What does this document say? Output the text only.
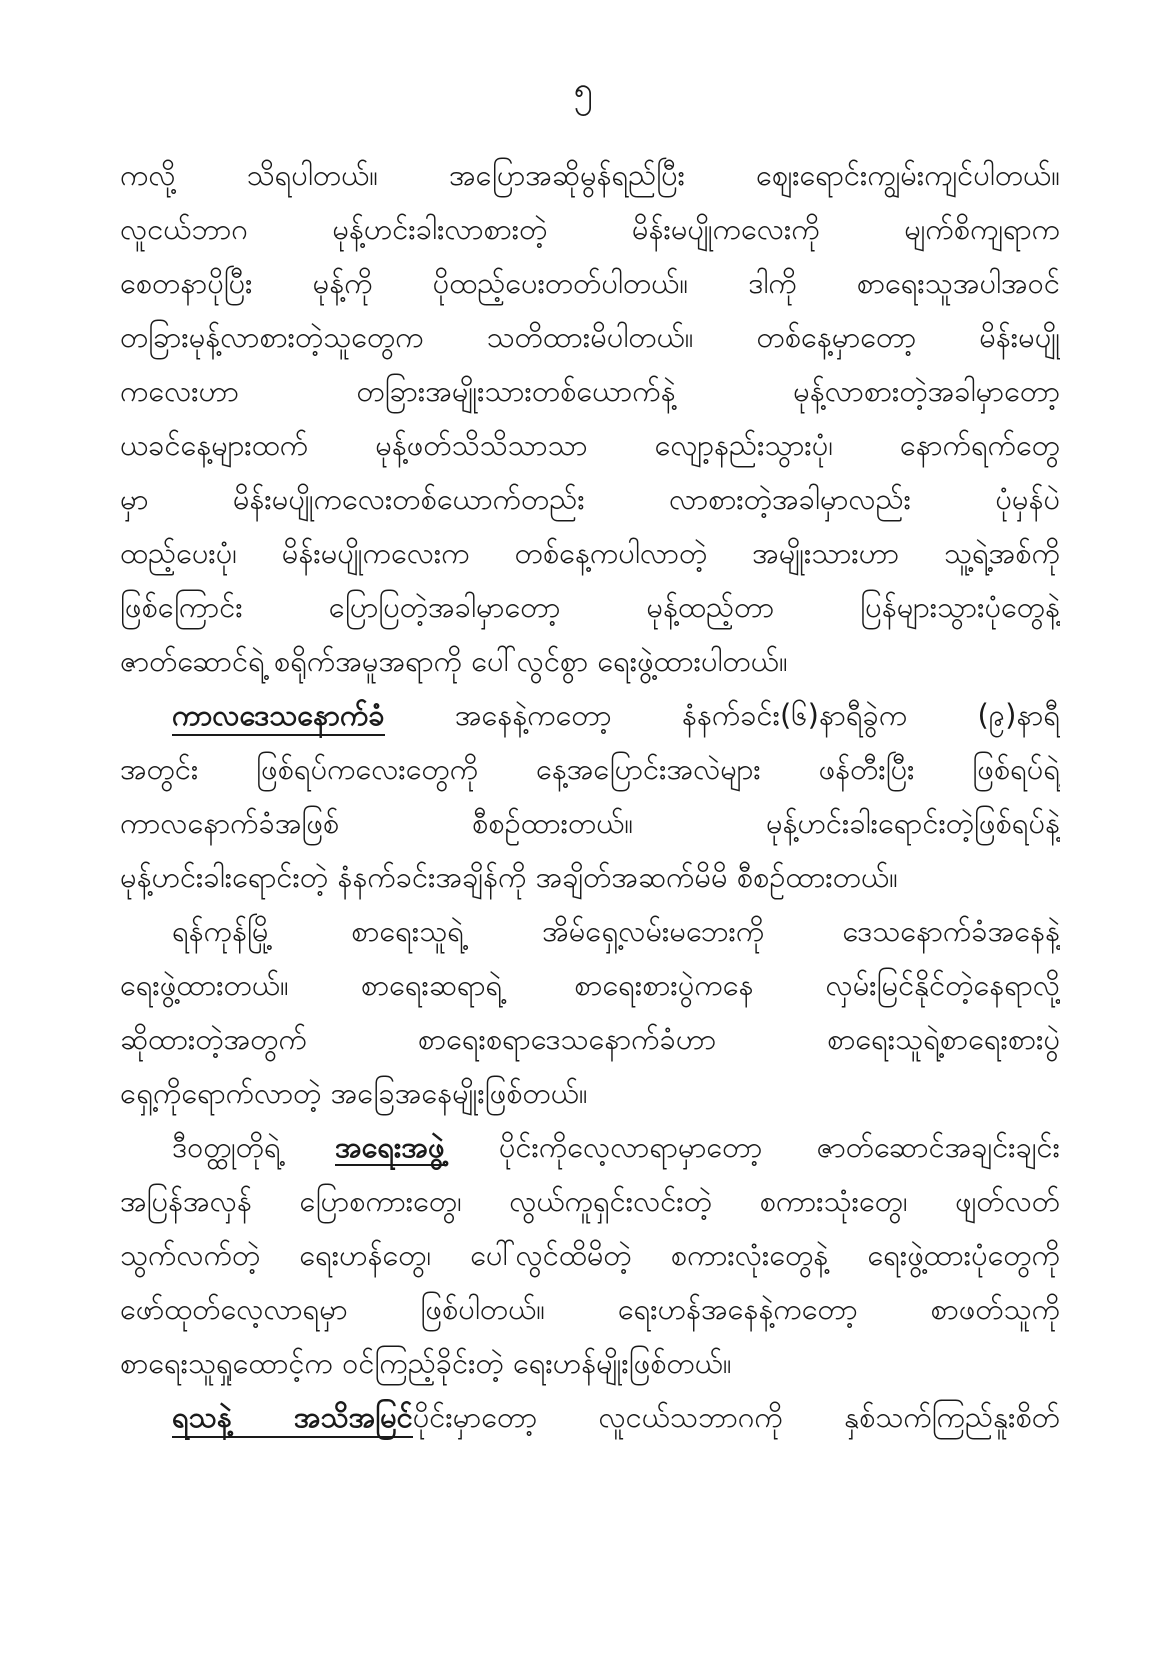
၅
ကလို့ သိရပါတယ်။ အပြောအဆိုမွန်ရည်ပြီး ဈေးရောင်းကျွမ်းကျင်ပါတယ်။
လူငယ်ဘာဂ မုန့်ဟင်းခါးလာစားတဲ့ မိန်းမပျိုကလေးကို မျက်စိကျရာက
စေတနာပိုပြီး မုန့်ကို ပိုထည့်ပေးတတ်ပါတယ်။ ဒါကို စာရေးသူအပါအဝင်
တခြားမုန့်လာစားတဲ့သူတွေက သတိထားမိပါတယ်။ တစ်နေ့မှာတော့ မိန်းမပျို
ကလေးဟာ တခြားအမျိုးသားတစ်ယောက်နဲ့ မုန့်လာစားတဲ့အခါမှာတော့
ယခင်နေ့များထက် မုန့်ဖတ်သိသိသာသာ လျော့နည်းသွားပုံ၊ နောက်ရက်တွေ
မှာ မိန်းမပျိုကလေးတစ်ယောက်တည်း လာစားတဲ့အခါမှာလည်း ပုံမှန်ပဲ
ထည့်ပေးပုံ၊ မိန်းမပျိုကလေးက တစ်နေ့ကပါလာတဲ့ အမျိုးသားဟာ သူ့ရဲ့အစ်ကို
ဖြစ်ကြောင်း ပြောပြတဲ့အခါမှာတော့ မုန့်ထည့်တာ ပြန်များသွားပုံတွေနဲ့
ဇာတ်ဆောင်ရဲ့ စရိုက်အမူအရာကို ပေါ်လွင်စွာ ရေးဖွဲ့ထားပါတယ်။
ကာလဒေသနောက်ခံ အနေနဲ့ကတော့ နံနက်ခင်း(၆)နာရီခွဲက (၉)နာရီ
အတွင်း ဖြစ်ရပ်ကလေးတွေကို နေ့အပြောင်းအလဲများ ဖန်တီးပြီး ဖြစ်ရပ်ရဲ့
ကာလနောက်ခံအဖြစ် စီစဉ်ထားတယ်။ မုန့်ဟင်းခါးရောင်းတဲ့ဖြစ်ရပ်နဲ့
မုန့်ဟင်းခါးရောင်းတဲ့ နံနက်ခင်းအချိန်ကို အချိတ်အဆက်မိမိ စီစဉ်ထားတယ်။
ရန်ကုန်မြို့ စာရေးသူရဲ့ အိမ်ရှေ့လမ်းမဘေးကို ဒေသနောက်ခံအနေနဲ့
ရေးဖွဲ့ထားတယ်။ စာရေးဆရာရဲ့ စာရေးစားပွဲကနေ လှမ်းမြင်နိုင်တဲ့နေရာလို့
ဆိုထားတဲ့အတွက် စာရေးစရာဒေသနောက်ခံဟာ စာရေးသူရဲ့စာရေးစားပွဲ
ရှေ့ကိုရောက်လာတဲ့ အခြေအနေမျိုးဖြစ်တယ်။
ဒီဝတ္ထုတိုရဲ့ အရေးအဖွဲ့ ပိုင်းကိုလေ့လာရာမှာတော့ ဇာတ်ဆောင်အချင်းချင်း
အပြန်အလှန် ပြောစကားတွေ၊ လွယ်ကူရှင်းလင်းတဲ့ စကားသုံးတွေ၊ ဖျတ်လတ်
သွက်လက်တဲ့ ရေးဟန်တွေ၊ ပေါ်လွင်ထိမိတဲ့ စကားလုံးတွေနဲ့ ရေးဖွဲ့ထားပုံတွေကို
ဖော်ထုတ်လေ့လာရမှာ ဖြစ်ပါတယ်။ ရေးဟန်အနေနဲ့ကတော့ စာဖတ်သူကို
စာရေးသူရှုထောင့်က ဝင်ကြည့်ခိုင်းတဲ့ ရေးဟန်မျိုးဖြစ်တယ်။
ရသနဲ့ အသိအမြင်ပိုင်းမှာတော့ လူငယ်သဘာဂကို နှစ်သက်ကြည်နူးစိတ်
